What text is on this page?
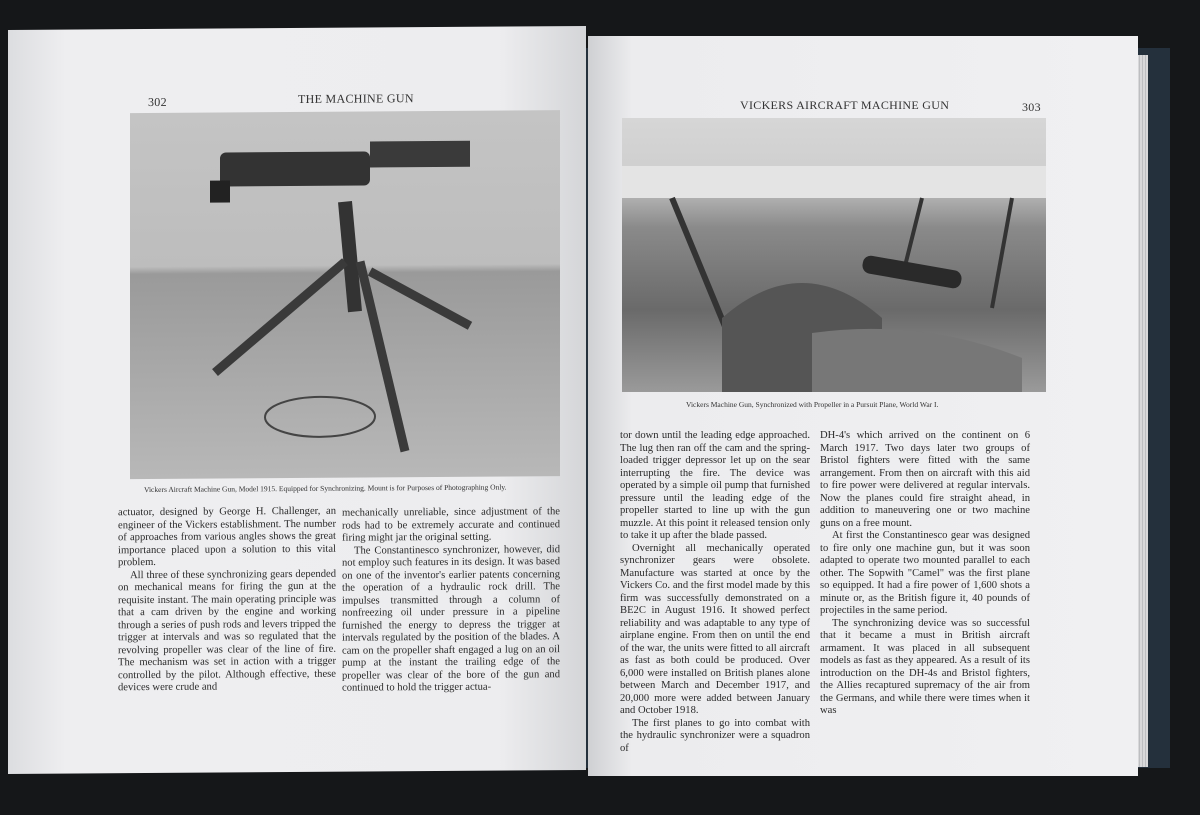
302	THE MACHINE GUN
Vickers Aircraft Machine Gun, Model 1915. Equipped for Synchronizing. Mount is for Purposes of Photographing Only.

actuator, designed by George H. Challenger, an engineer of the Vickers establishment. The number of approaches from various angles shows the great importance placed upon a solution to this vital problem.

All three of these synchronizing gears depended on mechanical means for firing the gun at the requisite instant. The main operating principle was that a cam driven by the engine and working through a series of push rods and levers tripped the trigger at intervals and was so regulated that the revolving propeller was clear of the line of fire. The mechanism was set in action with a trigger controlled by the pilot. Although effective, these devices were crude and

mechanically unreliable, since adjustment of the rods had to be extremely accurate and continued firing might jar the original setting.

The Constantinesco synchronizer, however, did not employ such features in its design. It was based on one of the inventor's earlier patents concerning the operation of a hydraulic rock drill. The impulses transmitted through a column of nonfreezing oil under pressure in a pipeline furnished the energy to depress the trigger at intervals regulated by the position of the blades. A cam on the propeller shaft engaged a lug on an oil pump at the instant the trailing edge of the propeller was clear of the bore of the gun and continued to hold the trigger actua-

VICKERS AIRCRAFT MACHINE GUN	303
Vickers Machine Gun, Synchronized with Propeller in a Pursuit Plane, World War I.

tor down until the leading edge approached. The lug then ran off the cam and the spring-loaded trigger depressor let up on the sear interrupting the fire. The device was operated by a simple oil pump that furnished pressure until the leading edge of the propeller started to line up with the gun muzzle. At this point it released tension only to take it up after the blade passed.

Overnight all mechanically operated synchronizer gears were obsolete. Manufacture was started at once by the Vickers Co. and the first model made by this firm was successfully demonstrated on a BE2C in August 1916. It showed perfect reliability and was adaptable to any type of airplane engine. From then on until the end of the war, the units were fitted to all aircraft as fast as both could be produced. Over 6,000 were installed on British planes alone between March and December 1917, and 20,000 more were added between January and October 1918.

The first planes to go into combat with the hydraulic synchronizer were a squadron of

DH-4's which arrived on the continent on 6 March 1917. Two days later two groups of Bristol fighters were fitted with the same arrangement. From then on aircraft with this aid to fire power were delivered at regular intervals. Now the planes could fire straight ahead, in addition to maneuvering one or two machine guns on a free mount.

At first the Constantinesco gear was designed to fire only one machine gun, but it was soon adapted to operate two mounted parallel to each other. The Sopwith "Camel" was the first plane so equipped. It had a fire power of 1,600 shots a minute or, as the British figure it, 40 pounds of projectiles in the same period.

The synchronizing device was so successful that it became a must in British aircraft armament. It was placed in all subsequent models as fast as they appeared. As a result of its introduction on the DH-4s and Bristol fighters, the Allies recaptured supremacy of the air from the Germans, and while there were times when it was
